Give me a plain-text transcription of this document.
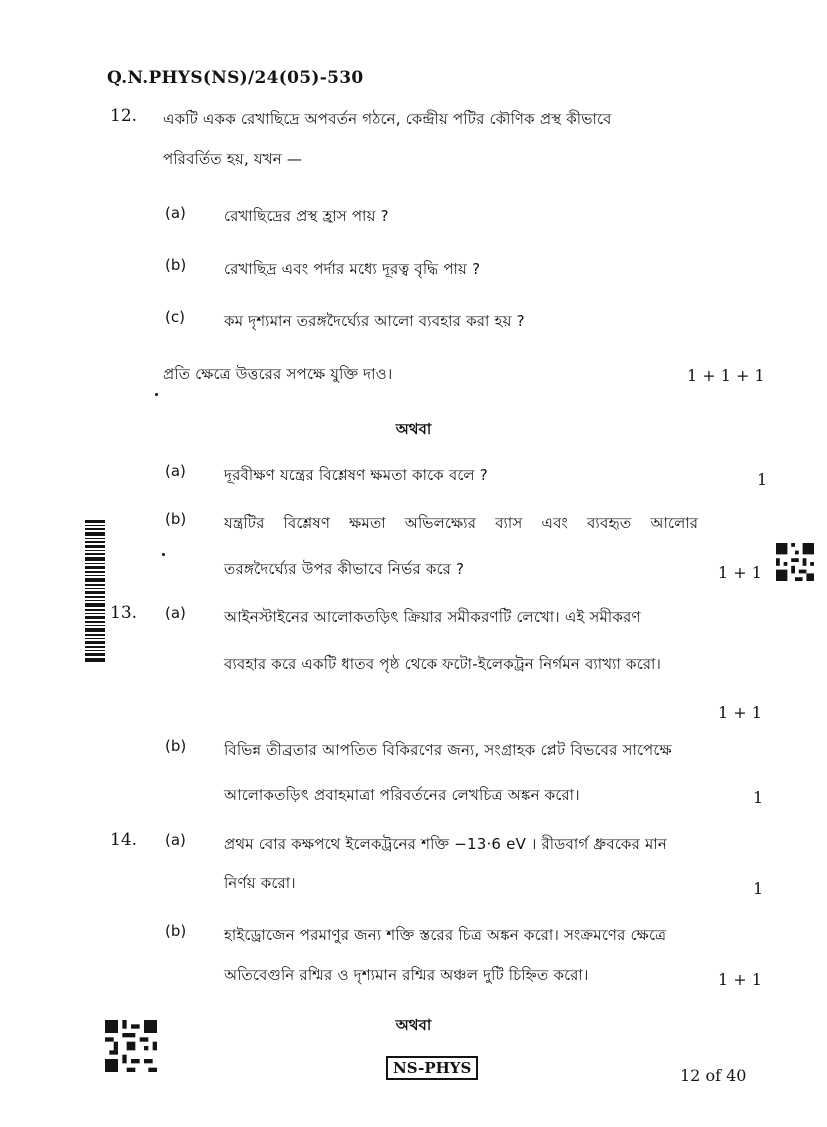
Q.N.PHYS(NS)/24(05)-530
12. একটি একক রেখাছিদ্রে অপবর্তন গঠনে, কেন্দ্রীয় পটির কৌণিক প্রস্থ কীভাবে
পরিবর্তিত হয়, যখন —
(a)	রেখাছিদ্রের প্রস্থ হ্রাস পায় ?
(b)	রেখাছিদ্র এবং পর্দার মধ্যে দূরত্ব বৃদ্ধি পায় ?
(c)	কম দৃশ্যমান তরঙ্গদৈর্ঘ্যের আলো ব্যবহার করা হয় ?
প্রতি ক্ষেত্রে উত্তরের সপক্ষে যুক্তি দাও।	1 + 1 + 1
অথবা
(a)	দূরবীক্ষণ যন্ত্রের বিশ্লেষণ ক্ষমতা কাকে বলে ?	1
(b)	যন্ত্রটির বিশ্লেষণ ক্ষমতা অভিলক্ষ্যের ব্যাস এবং ব্যবহৃত আলোর
তরঙ্গদৈর্ঘ্যের উপর কীভাবে নির্ভর করে ?	1 + 1
13. (a)	আইনস্টাইনের আলোকতড়িৎ ক্রিয়ার সমীকরণটি লেখো। এই সমীকরণ
ব্যবহার করে একটি ধাতব পৃষ্ঠ থেকে ফটো-ইলেকট্রন নির্গমন ব্যাখ্যা করো।
1 + 1
(b)	বিভিন্ন তীব্রতার আপতিত বিকিরণের জন্য, সংগ্রাহক প্লেট বিভবের সাপেক্ষে
আলোকতড়িৎ প্রবাহমাত্রা পরিবর্তনের লেখচিত্র অঙ্কন করো।	1
14. (a)	প্রথম বোর কক্ষপথে ইলেকট্রনের শক্তি −13·6 eV । রীডবার্গ ধ্রুবকের মান
নির্ণয় করো।	1
(b)	হাইড্রোজেন পরমাণুর জন্য শক্তি স্তরের চিত্র অঙ্কন করো। সংক্রমণের ক্ষেত্রে
অতিবেগুনি রশ্মির ও দৃশ্যমান রশ্মির অঞ্চল দুটি চিহ্নিত করো।	1 + 1
অথবা
NS-PHYS	12 of 40
